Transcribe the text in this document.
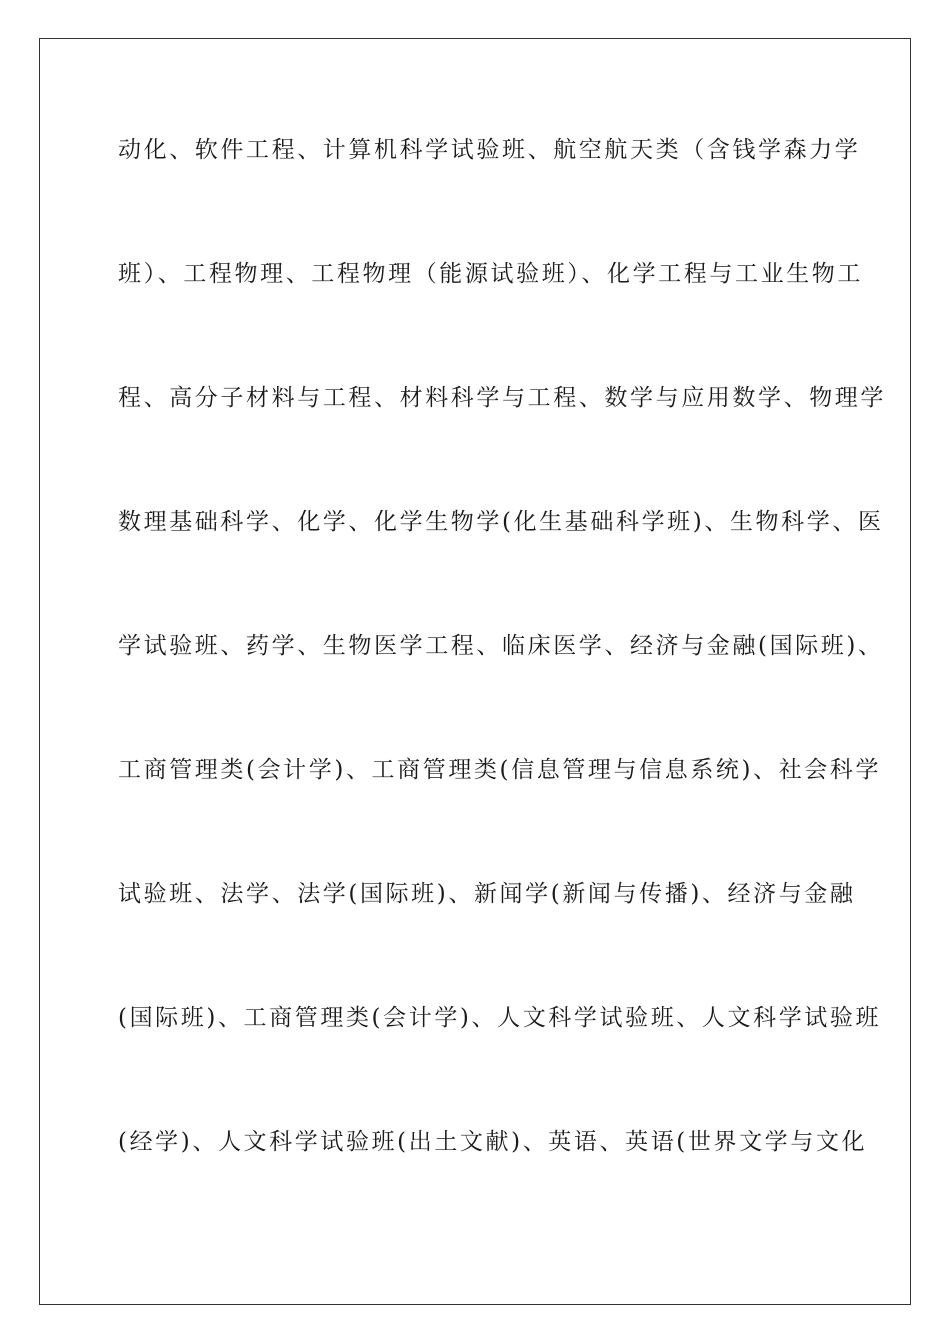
动化、软件工程、计算机科学试验班、航空航天类（含钱学森力学
班）、工程物理、工程物理（能源试验班）、化学工程与工业生物工
程、高分子材料与工程、材料科学与工程、数学与应用数学、物理学
数理基础科学、化学、化学生物学(化生基础科学班)、生物科学、医
学试验班、药学、生物医学工程、临床医学、经济与金融(国际班)、
工商管理类(会计学)、工商管理类(信息管理与信息系统)、社会科学
试验班、法学、法学(国际班)、新闻学(新闻与传播)、经济与金融
(国际班)、工商管理类(会计学)、人文科学试验班、人文科学试验班
(经学)、人文科学试验班(出土文献)、英语、英语(世界文学与文化
